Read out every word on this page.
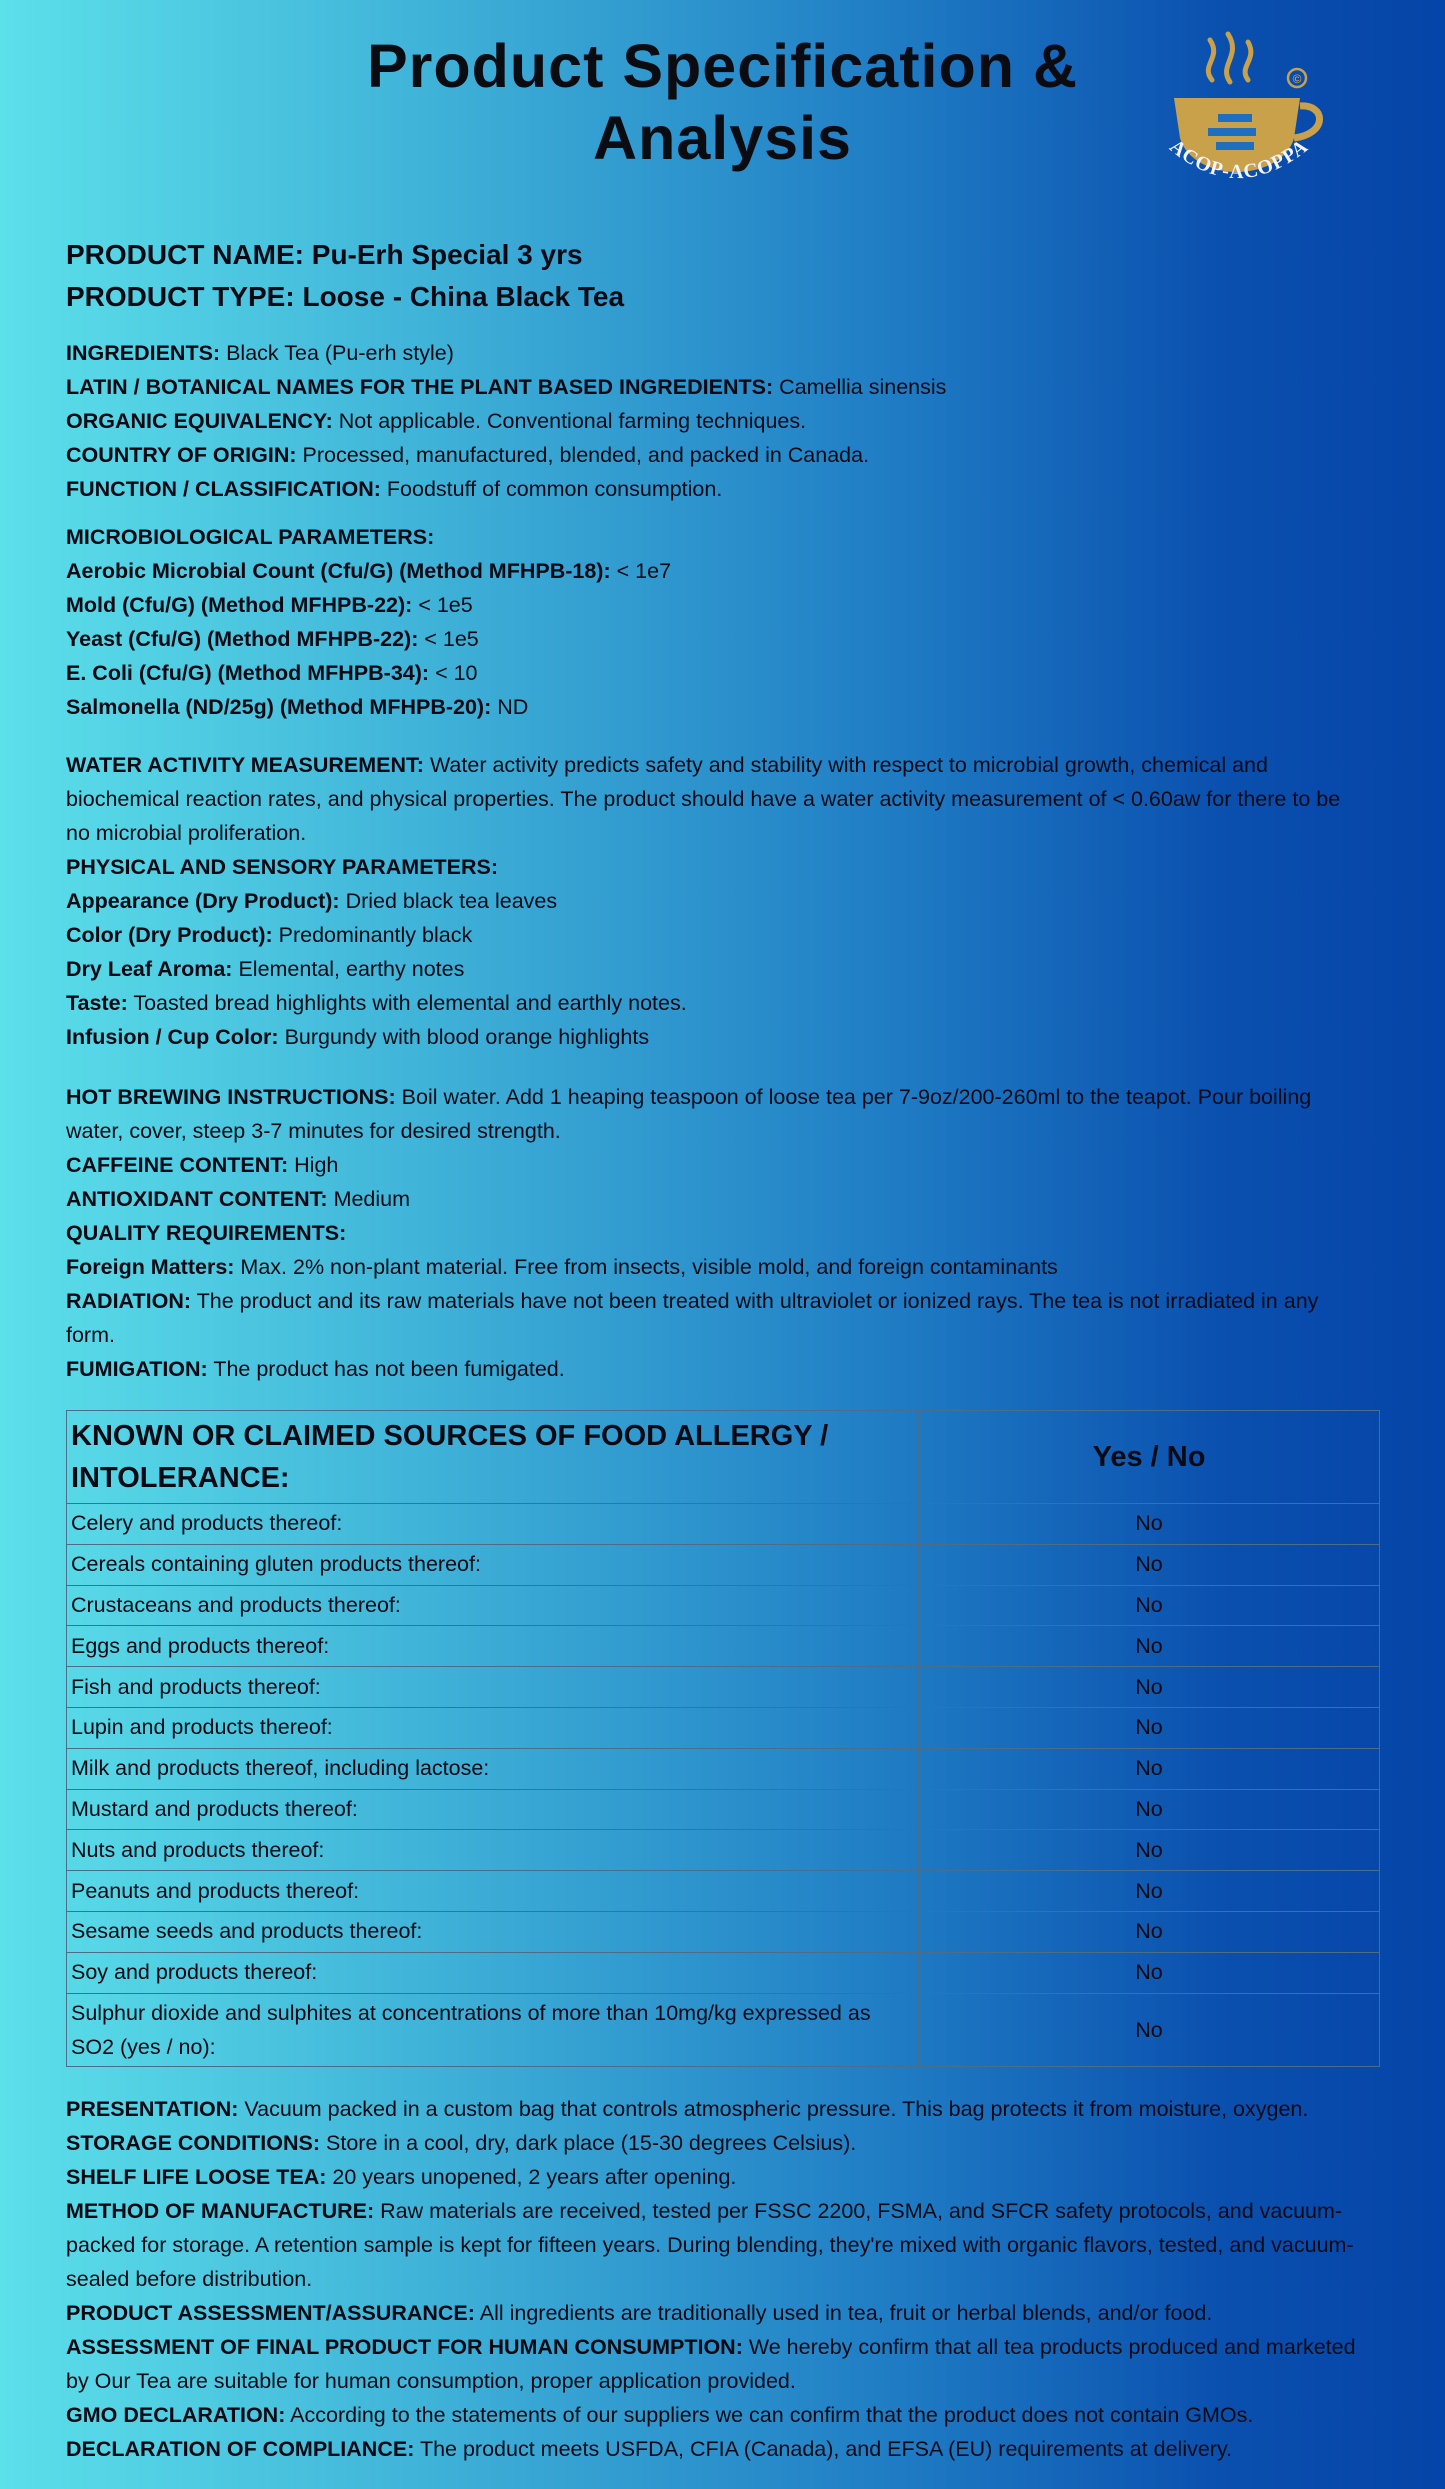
Product Specification &
Analysis
©
ACOP-ACOPPA
PRODUCT NAME: Pu-Erh Special 3 yrs
PRODUCT TYPE: Loose - China Black Tea

INGREDIENTS: Black Tea (Pu-erh style)

LATIN / BOTANICAL NAMES FOR THE PLANT BASED INGREDIENTS: Camellia sinensis

ORGANIC EQUIVALENCY: Not applicable. Conventional farming techniques.

COUNTRY OF ORIGIN: Processed, manufactured, blended, and packed in Canada.

FUNCTION / CLASSIFICATION: Foodstuff of common consumption.

MICROBIOLOGICAL PARAMETERS:

Aerobic Microbial Count (Cfu/G) (Method MFHPB-18): < 1e7

Mold (Cfu/G) (Method MFHPB-22): < 1e5

Yeast (Cfu/G) (Method MFHPB-22): < 1e5

E. Coli (Cfu/G) (Method MFHPB-34): < 10

Salmonella (ND/25g) (Method MFHPB-20): ND

WATER ACTIVITY MEASUREMENT: Water activity predicts safety and stability with respect to microbial growth, chemical and biochemical reaction rates, and physical properties. The product should have a water activity measurement of < 0.60aw for there to be no microbial proliferation.

PHYSICAL AND SENSORY PARAMETERS:

Appearance (Dry Product): Dried black tea leaves

Color (Dry Product): Predominantly black

Dry Leaf Aroma: Elemental, earthy notes

Taste: Toasted bread highlights with elemental and earthly notes.

Infusion / Cup Color: Burgundy with blood orange highlights

HOT BREWING INSTRUCTIONS: Boil water. Add 1 heaping teaspoon of loose tea per 7-9oz/200-260ml to the teapot. Pour boiling water, cover, steep 3-7 minutes for desired strength.

CAFFEINE CONTENT: High

ANTIOXIDANT CONTENT: Medium

QUALITY REQUIREMENTS:

Foreign Matters: Max. 2% non-plant material. Free from insects, visible mold, and foreign contaminants

RADIATION: The product and its raw materials have not been treated with ultraviolet or ionized rays. The tea is not irradiated in any form.

FUMIGATION: The product has not been fumigated.

KNOWN OR CLAIMED SOURCES OF FOOD ALLERGY / INTOLERANCE:	Yes / No
Celery and products thereof:	No
Cereals containing gluten products thereof:	No
Crustaceans and products thereof:	No
Eggs and products thereof:	No
Fish and products thereof:	No
Lupin and products thereof:	No
Milk and products thereof, including lactose:	No
Mustard and products thereof:	No
Nuts and products thereof:	No
Peanuts and products thereof:	No
Sesame seeds and products thereof:	No
Soy and products thereof:	No
Sulphur dioxide and sulphites at concentrations of more than 10mg/kg expressed as SO2 (yes / no):	No

PRESENTATION: Vacuum packed in a custom bag that controls atmospheric pressure. This bag protects it from moisture, oxygen.

STORAGE CONDITIONS: Store in a cool, dry, dark place (15-30 degrees Celsius).

SHELF LIFE LOOSE TEA: 20 years unopened, 2 years after opening.

METHOD OF MANUFACTURE: Raw materials are received, tested per FSSC 2200, FSMA, and SFCR safety protocols, and vacuum-packed for storage. A retention sample is kept for fifteen years. During blending, they're mixed with organic flavors, tested, and vacuum-sealed before distribution.

PRODUCT ASSESSMENT/ASSURANCE: All ingredients are traditionally used in tea, fruit or herbal blends, and/or food.

ASSESSMENT OF FINAL PRODUCT FOR HUMAN CONSUMPTION: We hereby confirm that all tea products produced and marketed by Our Tea are suitable for human consumption, proper application provided.

GMO DECLARATION: According to the statements of our suppliers we can confirm that the product does not contain GMOs.

DECLARATION OF COMPLIANCE: The product meets USFDA, CFIA (Canada), and EFSA (EU) requirements at delivery.
